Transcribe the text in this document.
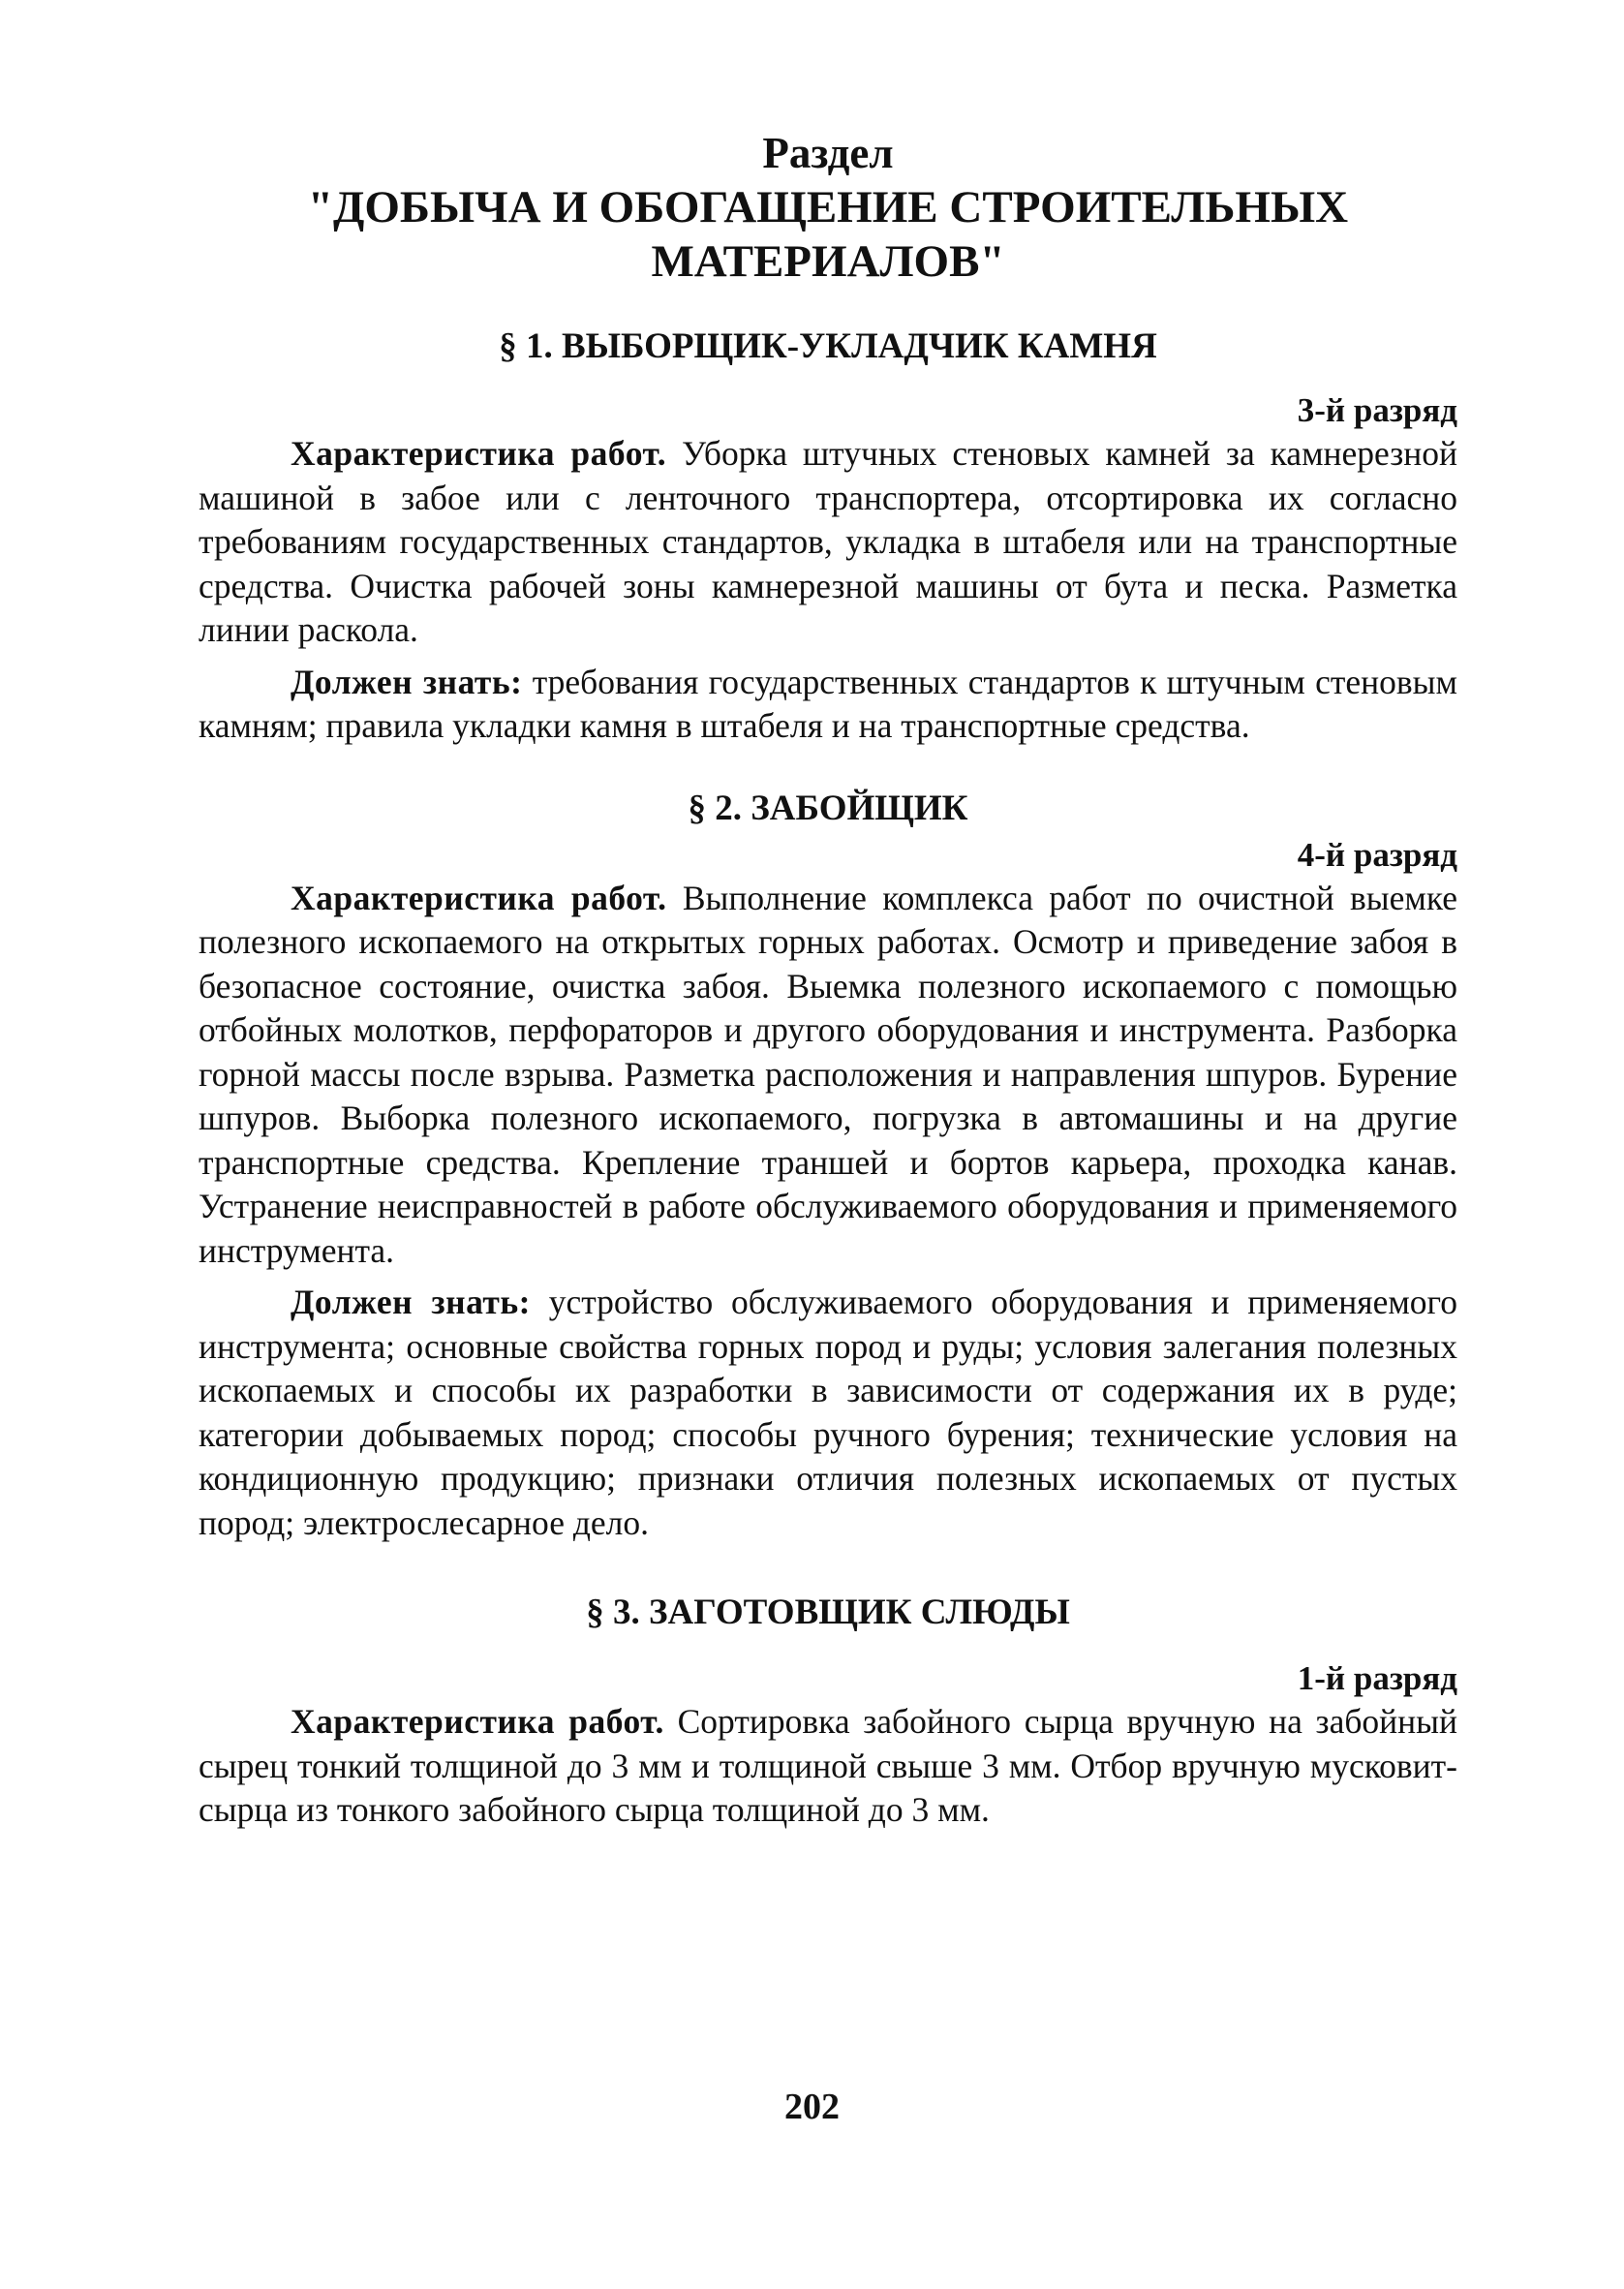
Раздел
"ДОБЫЧА И ОБОГАЩЕНИЕ СТРОИТЕЛЬНЫХ
МАТЕРИАЛОВ"
§ 1. ВЫБОРЩИК-УКЛАДЧИК КАМНЯ
3-й разряд

Характеристика работ. Уборка штучных стеновых камней за камнерезной машиной в забое или с ленточного транспортера, отсортировка их согласно требованиям государственных стандартов, укладка в штабеля или на транспортные средства. Очистка рабочей зоны камнерезной машины от бута и песка. Разметка линии раскола.

Должен знать: требования государственных стандартов к штучным стеновым камням; правила укладки камня в штабеля и на транспортные средства.

§ 2. ЗАБОЙЩИК
4-й разряд

Характеристика работ. Выполнение комплекса работ по очистной выемке полезного ископаемого на открытых горных работах. Осмотр и приведение забоя в безопасное состояние, очистка забоя. Выемка полезного ископаемого с помощью отбойных молотков, перфораторов и другого оборудования и инструмента. Разборка горной массы после взрыва. Разметка расположения и направления шпуров. Бурение шпуров. Выборка полезного ископаемого, погрузка в автомашины и на другие транспортные средства. Крепление траншей и бортов карьера, проходка канав. Устранение неисправностей в работе обслуживаемого оборудования и применяемого инструмента.

Должен знать: устройство обслуживаемого оборудования и применяемого инструмента; основные свойства горных пород и руды; условия залегания полезных ископаемых и способы их разработки в зависимости от содержания их в руде; категории добываемых пород; способы ручного бурения; технические условия на кондиционную продукцию; признаки отличия полезных ископаемых от пустых пород; электрослесарное дело.

§ 3. ЗАГОТОВЩИК СЛЮДЫ
1-й разряд

Характеристика работ. Сортировка забойного сырца вручную на забойный сырец тонкий толщиной до 3 мм и толщиной свыше 3 мм. Отбор вручную мусковит-сырца из тонкого забойного сырца толщиной до 3 мм.

202
